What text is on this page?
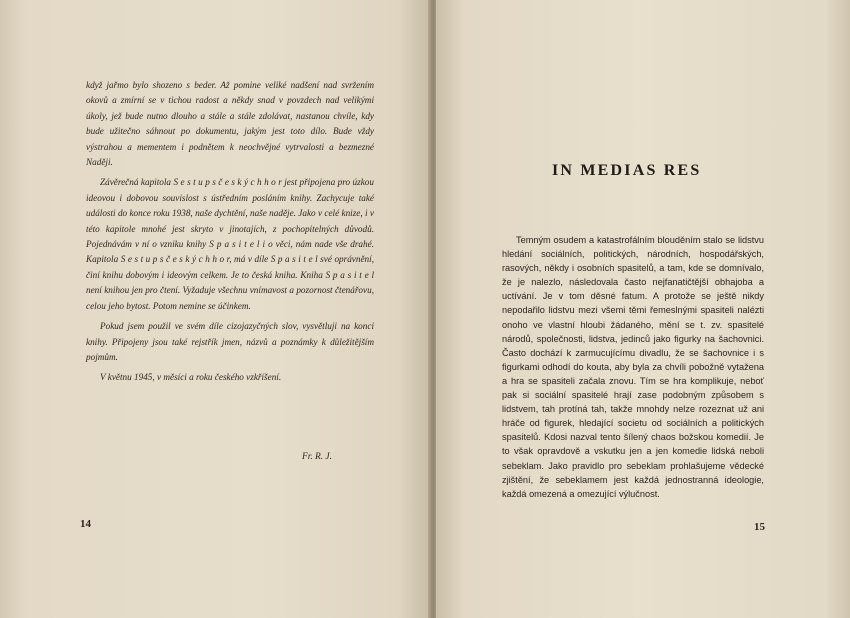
když jařmo bylo shozeno s beder. Až pomine veliké nadšení nad svržením okovů a zmírní se v tichou radost a někdy snad v povzdech nad velikými úkoly, jež bude nutno dlouho a stále a stále zdolávat, nastanou chvíle, kdy bude užitečno sáhnout po dokumentu, jakým jest toto dílo. Bude vždy výstrahou a mementem i podnětem k neochvějné vytrvalosti a bezmezné Naději.

Závěrečná kapitola S e s t u p s č e s k ý c h h o r jest připojena pro úzkou ideovou i dobovou souvislost s ústředním posláním knihy. Zachycuje také události do konce roku 1938, naše dychtění, naše naděje. Jako v celé knize, i v této kapitole mnohé jest skryto v jinotajích, z pochopitelných důvodů. Pojednávám v ní o vzniku knihy S p a s i t e l i o věci, nám nade vše drahé. Kapitola S e s t u p s č e s k ý c h h o r, má v díle S p a s i t e l své oprávnění, činí knihu dobovým i ideovým celkem. Je to česká kniha. Kniha S p a s i t e l není knihou jen pro čtení. Vyžaduje všechnu vnímavost a pozornost čtenářovu, celou jeho bytost. Potom nemine se účinkem.

Pokud jsem použil ve svém díle cizojazyčných slov, vysvětluji na konci knihy. Připojeny jsou také rejstřík jmen, názvů a poznámky k důležitějším pojmům.

V květnu 1945, v měsíci a roku českého vzkříšení.

Fr. R. J.
14
IN MEDIAS RES

Temným osudem a katastrofálním blouděním stalo se lidstvu hledání sociálních, politických, národních, hospodářských, rasových, někdy i osobních spasitelů, a tam, kde se domnívalo, že je nalezlo, následovala často nejfanatičtější obhajoba a uctívání. Je v tom děsné fatum. A protože se ještě nikdy nepodařilo lidstvu mezi všemi těmi řemeslnými spasiteli nalézti onoho ve vlastní hloubi žádaného, mění se t. zv. spasitelé národů, společnosti, lidstva, jedinců jako figurky na šachovnici. Často dochází k zarmucujícímu divadlu, že se šachovnice i s figurkami odhodí do kouta, aby byla za chvíli pobožně vytažena a hra se spasiteli začala znovu. Tím se hra komplikuje, neboť pak si sociální spasitelé hrají zase podobným způsobem s lidstvem, tah protíná tah, takže mnohdy nelze rozeznat už ani hráče od figurek, hledající societu od sociálních a politických spasitelů. Kdosi nazval tento šílený chaos božskou komedií. Je to však opravdově a vskutku jen a jen komedie lidská neboli sebeklam. Jako pravidlo pro sebeklam prohlašujeme vědecké zjištění, že sebeklamem jest každá jednostranná ideologie, každá omezená a omezující výlučnost.

15
